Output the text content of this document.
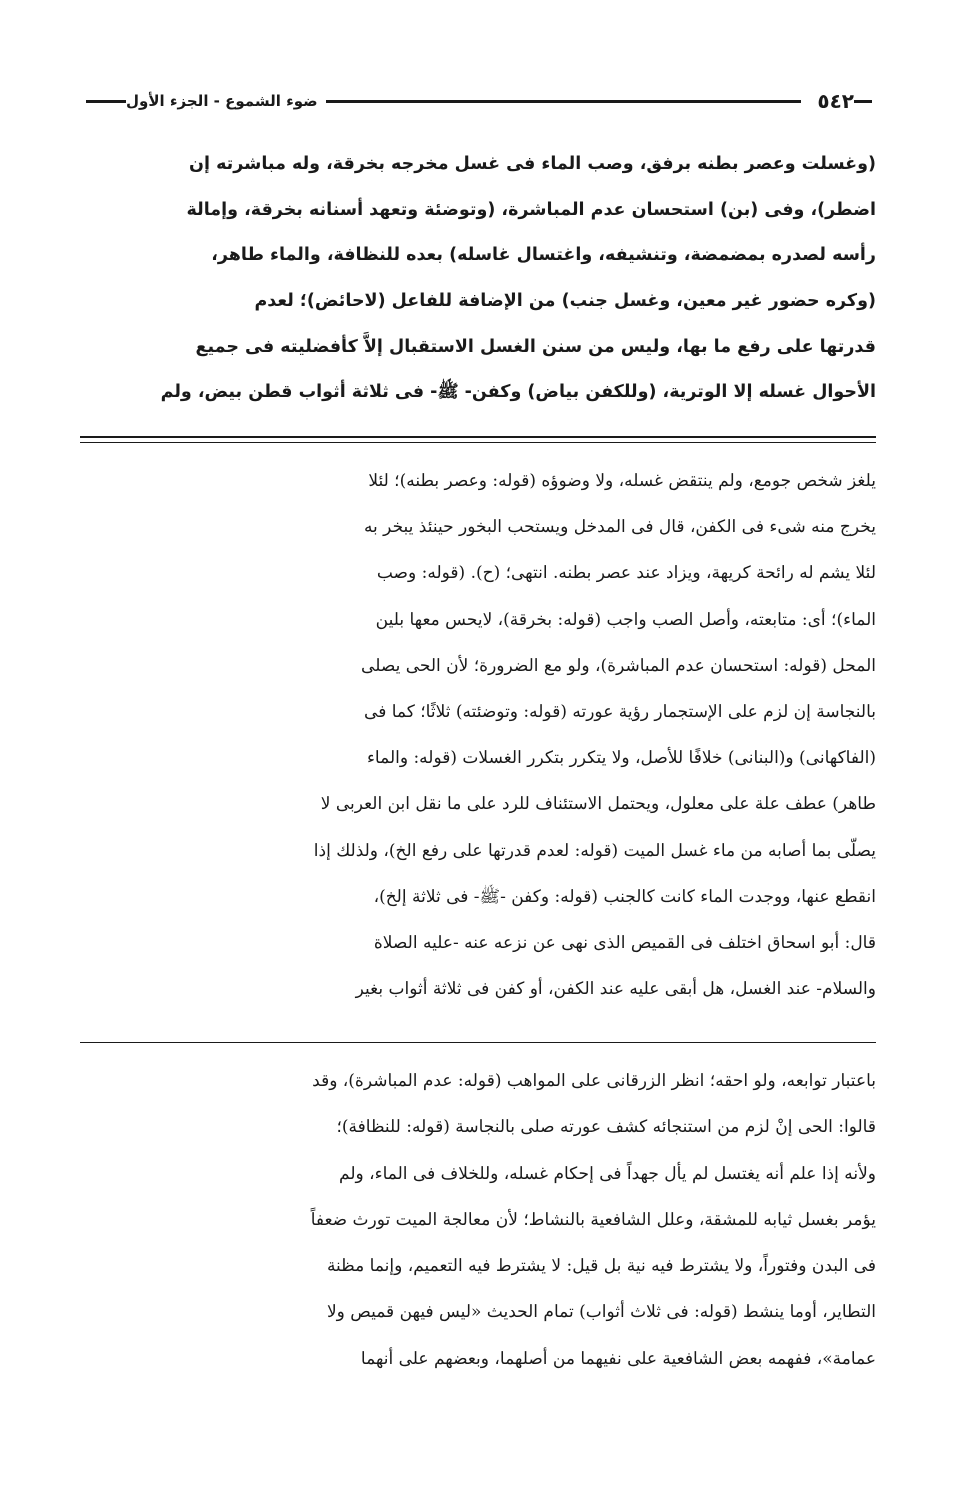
٥٤٢
ضوء الشموع - الجزء الأول
(وغسلت وعصر بطنه برفق، وصب الماء فى غسل مخرجه بخرقة، وله مباشرته إن
اضطر)، وفى (بن) استحسان عدم المباشرة، (وتوضئة وتعهد أسنانه بخرقة، وإمالة
رأسه لصدره بمضمضة، وتنشيفه، واغتسال غاسله) بعده للنظافة، والماء طاهر،
(وكره حضور غير معين، وغسل جنب) من الإضافة للفاعل (لاحائض)؛ لعدم
قدرتها على رفع ما بها، وليس من سنن الغسل الاستقبال إلاَّ كأفضليته فى جميع
الأحوال غسله إلا الوترية، (وللكفن بياض) وكفن- ﷺ- فى ثلاثة أثواب قطن بيض، ولم
يلغز شخص جومع، ولم ينتقض غسله، ولا وضوؤه (قوله: وعصر بطنه)؛ لئلا
يخرج منه شىء فى الكفن، قال فى المدخل ويستحب البخور حينئذ يبخر به
لئلا يشم له رائحة كريهة، ويزاد عند عصر بطنه. انتهى؛ (ح). (قوله: وصب
الماء)؛ أى: متابعته، وأصل الصب واجب (قوله: بخرقة)، لايحس معها بلين
المحل (قوله: استحسان عدم المباشرة)، ولو مع الضرورة؛ لأن الحى يصلى
بالنجاسة إن لزم على الإستجمار رؤية عورته (قوله: وتوضئته) ثلاثًا؛ كما فى
(الفاكهانى) و(البنانى) خلافًا للأصل، ولا يتكرر بتكرر الغسلات (قوله: والماء
طاهر) عطف علة على معلول، ويحتمل الاستئناف للرد على ما نقل ابن العربى لا
يصلّى بما أصابه من ماء غسل الميت (قوله: لعدم قدرتها على رفع الخ)، ولذلك إذا
انقطع عنها، ووجدت الماء كانت كالجنب (قوله: وكفن -ﷺ- فى ثلاثة إلخ)،
قال: أبو اسحاق اختلف فى القميص الذى نهى عن نزعه عنه -عليه الصلاة
والسلام- عند الغسل، هل أبقى عليه عند الكفن، أو كفن فى ثلاثة أثواب بغير
باعتبار توابعه، ولو احقه؛ انظر الزرقانى على المواهب (قوله: عدم المباشرة)، وقد
قالوا: الحى إنْ لزم من استنجائه كشف عورته صلى بالنجاسة (قوله: للنظافة)؛
ولأنه إذا علم أنه يغتسل لم يأل جهداً فى إحكام غسله، وللخلاف فى الماء، ولم
يؤمر بغسل ثيابه للمشقة، وعلل الشافعية بالنشاط؛ لأن معالجة الميت تورث ضعفاً
فى البدن وفتوراً، ولا يشترط فيه نية بل قيل: لا يشترط فيه التعميم، وإنما مظنة
التطاير، أوما ينشط (قوله: فى ثلاث أثواب) تمام الحديث «ليس فيهن قميص ولا
عمامة»، ففهمه بعض الشافعية على نفيهما من أصلهما، وبعضهم على أنهما
